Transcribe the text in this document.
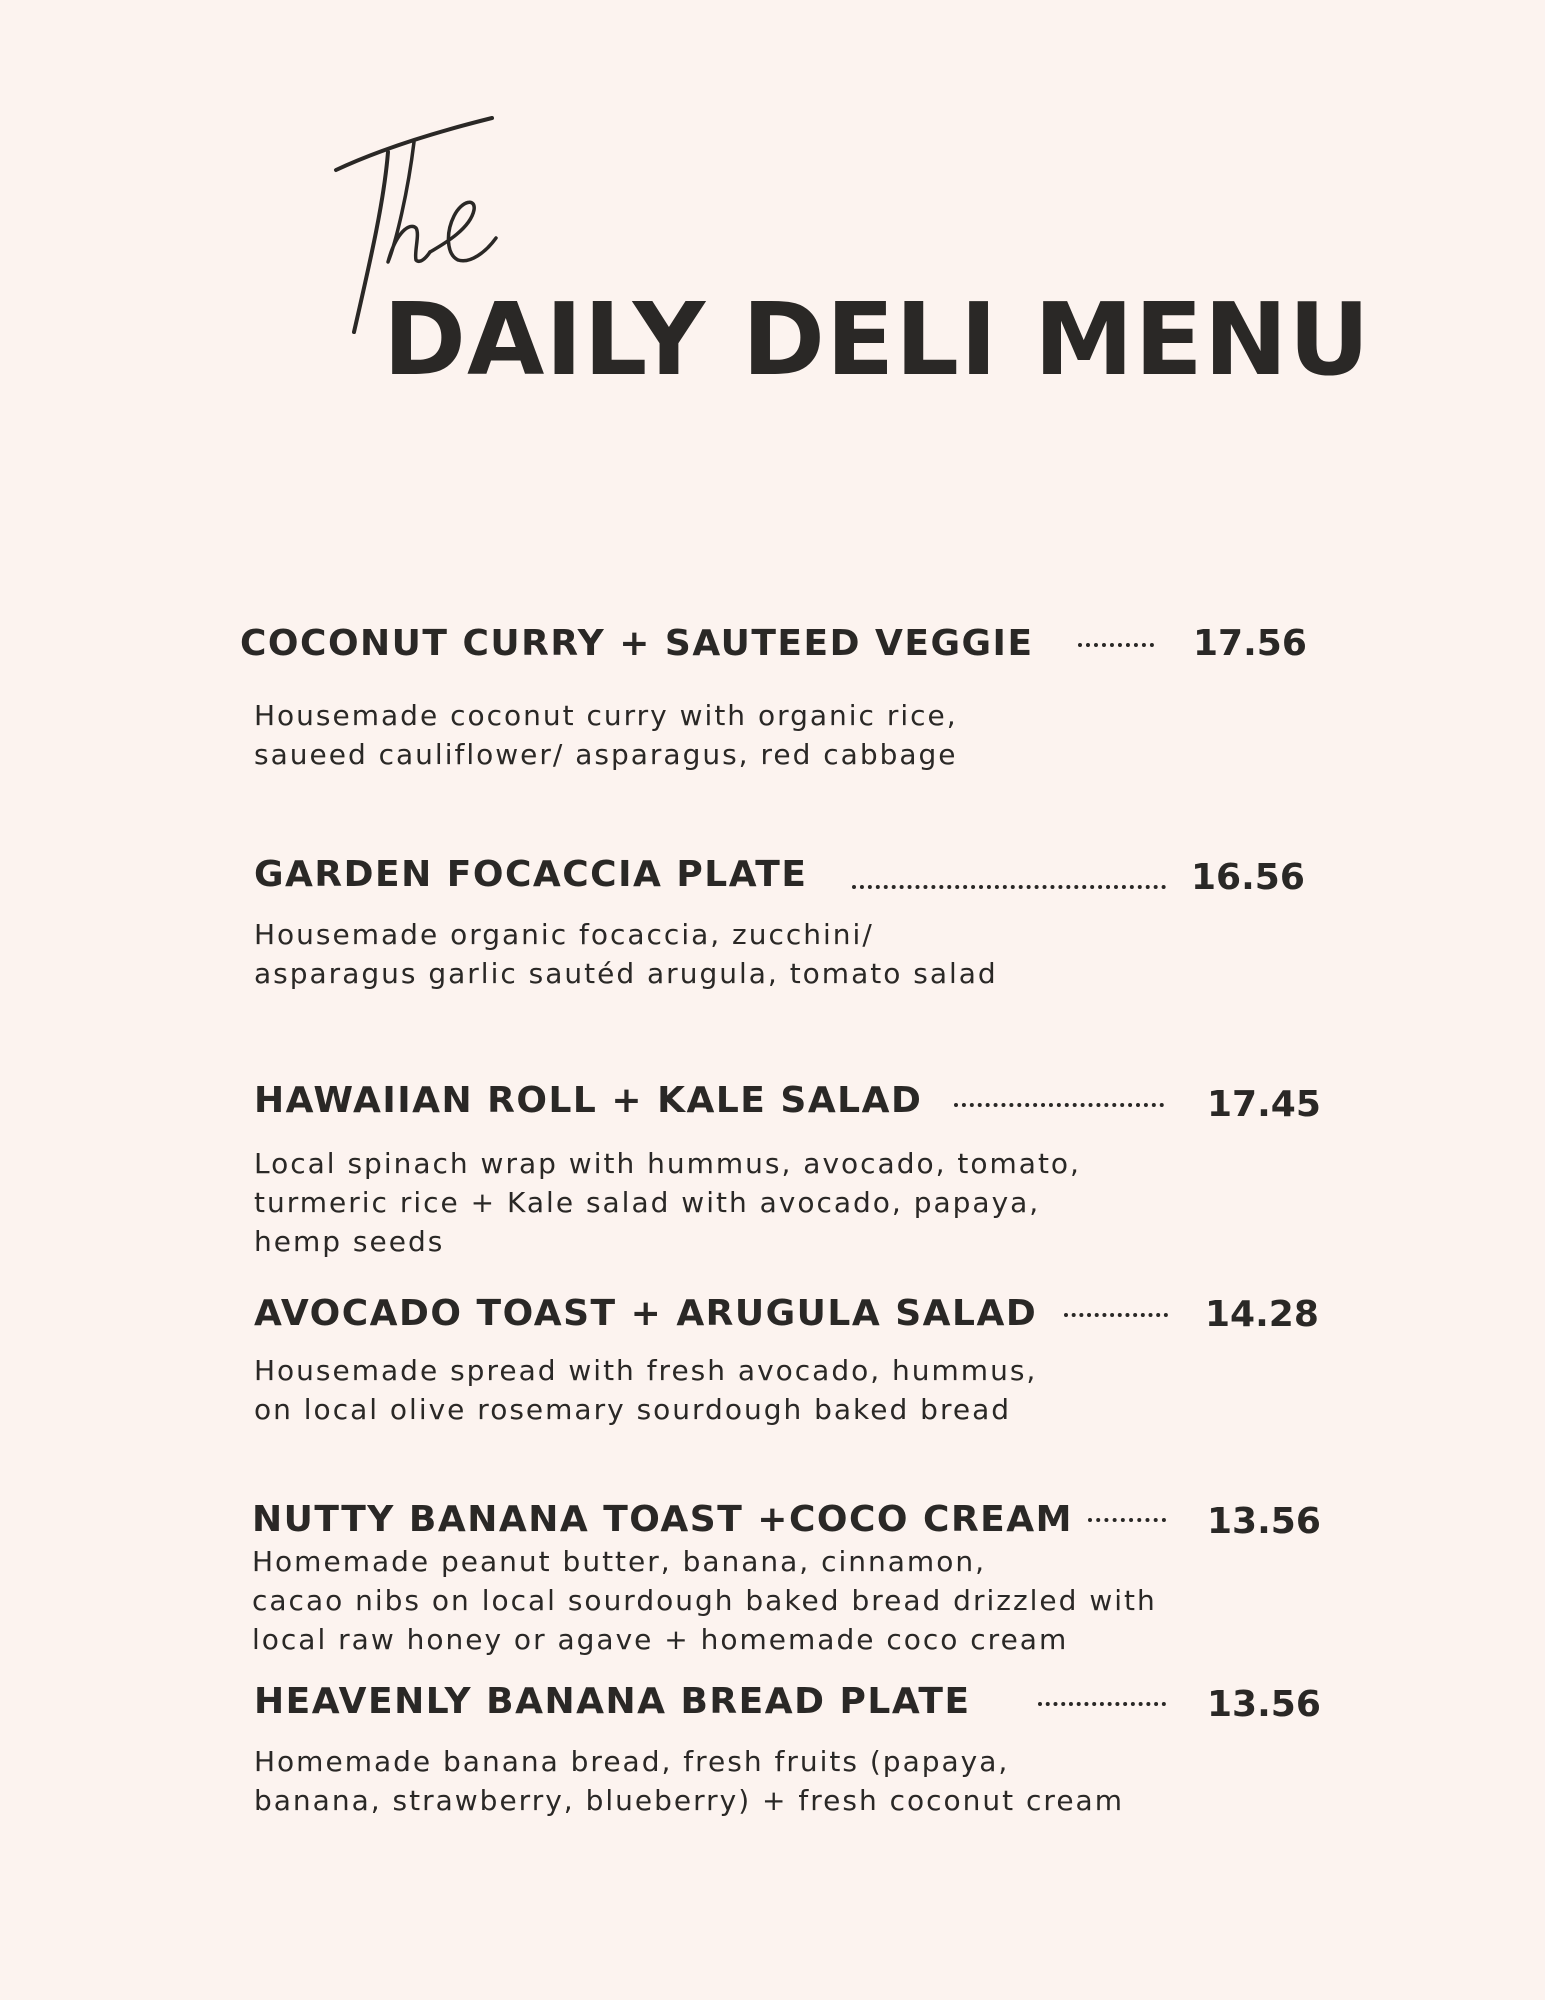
DAILY DELI MENU
COCONUT CURRY + SAUTEED VEGGIE	17.56
Housemade coconut curry with organic rice,
saueed cauliflower/ asparagus, red cabbage
GARDEN FOCACCIA PLATE	16.56
Housemade organic focaccia, zucchini/
asparagus garlic sautéd arugula, tomato salad
HAWAIIAN ROLL + KALE SALAD	17.45
Local spinach wrap with hummus, avocado, tomato,
turmeric rice + Kale salad with avocado, papaya,
hemp seeds
AVOCADO TOAST + ARUGULA SALAD	14.28
Housemade spread with fresh avocado, hummus,
on local olive rosemary sourdough baked bread
NUTTY BANANA TOAST +COCO CREAM	13.56
Homemade peanut butter, banana, cinnamon,
cacao nibs on local sourdough baked bread drizzled with
local raw honey or agave + homemade coco cream
HEAVENLY BANANA BREAD PLATE	13.56
Homemade banana bread, fresh fruits (papaya,
banana, strawberry, blueberry) + fresh coconut cream
